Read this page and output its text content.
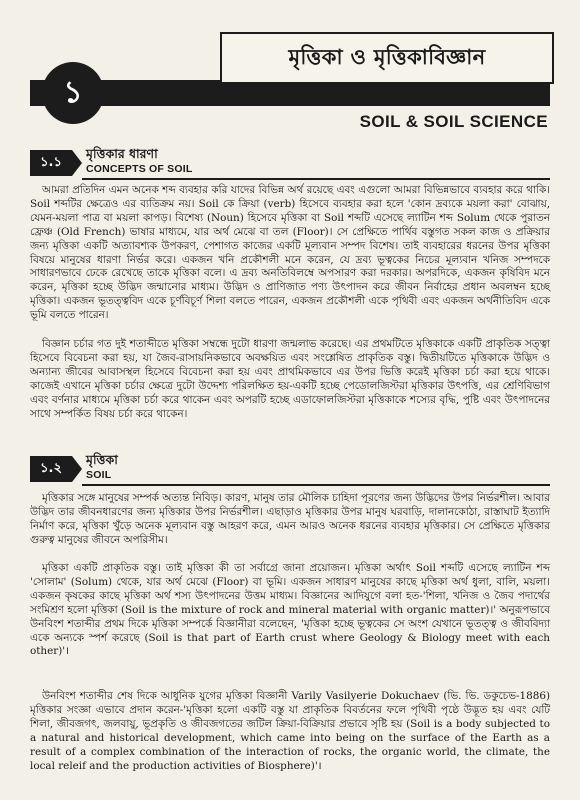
১
মৃত্তিকা ও মৃত্তিকাবিজ্ঞান
SOIL & SOIL SCIENCE
১.১
মৃত্তিকার ধারণা
CONCEPTS OF SOIL

আমরা প্রতিদিন এমন অনেক শব্দ ব্যবহার করি যাদের বিভিন্ন অর্থ রয়েছে এবং এগুলো আমরা বিভিন্নভাবে ব্যবহার করে থাকি। Soil শব্দটির ক্ষেত্রেও এর ব্যতিক্রম নয়। Soil কে ক্রিয়া (verb) হিসেবে ব্যবহার করা হলে 'কোন দ্রব্যকে ময়লা করা' বোঝায়, যেমন-ময়লা পাত্র বা ময়লা কাপড়। বিশেষ্য (Noun) হিসেবে মৃত্তিকা বা Soil শব্দটি এসেছে ল্যাটিন শব্দ Solum থেকে পুরাতন ফ্রেঞ্চ (Old French) ভাষার মাধ্যমে, যার অর্থ মেঝে বা তল (Floor)। সে প্রেক্ষিতে পার্থিব বস্তুগত সকল কাজ ও প্রক্রিয়ার জন্য মৃত্তিকা একটি অত্যাবশ্যক উপকরণ, পেশাগত কাজের একটি মূল্যবান সম্পদ বিশেষ। তাই ব্যবহারের ধরনের উপর মৃত্তিকা বিষয়ে মানুষের ধারণা নির্ভর করে। একজন খনি প্রকৌশলী মনে করেন, যে দ্রব্য ভূত্বকের নিচের মূল্যবান খনিজ সম্পদকে সাধারণভাবে ঢেকে রেখেছে তাকে মৃত্তিকা বলে। এ দ্রব্য অনতিবিলম্বে অপসারণ করা দরকার। অপরদিকে, একজন কৃষিবিদ মনে করেন, মৃত্তিকা হচ্ছে উদ্ভিদ জন্মানোর মাধ্যম। উদ্ভিদ ও প্রাণিজাত পণ্য উৎপাদন করে জীবন নির্বাহের প্রধান অবলম্বন হচ্ছে মৃত্তিকা। একজন ভূতত্ত্ববিদ একে চূর্ণবিচূর্ণ শিলা বলতে পারেন, একজন প্রকৌশলী একে পৃথিবী এবং একজন অর্থনীতিবিদ একে ভূমি বলতে পারেন।

বিজ্ঞান চর্চার গত দুই শতাব্দীতে মৃত্তিকা সম্বন্ধে দুটো ধারণা জন্মলাভ করেছে। এর প্রথমটিতে মৃত্তিকাকে একটি প্রাকৃতিক সত্ত্বা হিসেবে বিবেচনা করা হয়, যা জৈব-রাসায়নিকভাবে অবক্ষয়িত এবং সংশ্লেষিত প্রাকৃতিক বস্তু। দ্বিতীয়টিতে মৃত্তিকাকে উদ্ভিদ ও অন্যান্য জীবের আবাসস্থল হিসেবে বিবেচনা করা হয় এবং প্রাথমিকভাবে এর উপর ভিত্তি করেই মৃত্তিকা চর্চা করা হয়ে থাকে। কাজেই এখানে মৃত্তিকা চর্চার ক্ষেত্রে দুটো উদ্দেশ্য পরিলক্ষিত হয়-একটি হচ্ছে পেডোলজিস্টরা মৃত্তিকার উৎপত্তি, এর শ্রেণিবিভাগ এবং বর্ণনার মাধ্যমে মৃত্তিকা চর্চা করে থাকেন এবং অপরটি হচ্ছে এডাফোলজিস্টরা মৃত্তিকাকে শস্যের বৃদ্ধি, পুষ্টি এবং উৎপাদনের সাথে সম্পর্কিত বিষয় চর্চা করে থাকেন।

১.২
মৃত্তিকা
SOIL

মৃত্তিকার সঙ্গে মানুষের সম্পর্ক অত্যন্ত নিবিড়। কারণ, মানুষ তার মৌলিক চাহিদা পূরণের জন্য উদ্ভিদের উপর নির্ভরশীল। আবার উদ্ভিদ তার জীবনধারণের জন্য মৃত্তিকার উপর নির্ভরশীল। এছাড়াও মৃত্তিকার উপর মানুষ ঘরবাড়ি, দালানকোঠা, রাস্তাঘাট ইত্যাদি নির্মাণ করে, মৃত্তিকা খুঁড়ে অনেক মূল্যবান বস্তু আহরণ করে, এমন আরও অনেক ধরনের ব্যবহার মৃত্তিকার। সে প্রেক্ষিতে মৃত্তিকার গুরুত্ব মানুষের জীবনে অপরিসীম।

মৃত্তিকা একটি প্রাকৃতিক বস্তু। তাই মৃত্তিকা কী তা সর্বাগ্রে জানা প্রয়োজন। মৃত্তিকা অর্থাৎ Soil শব্দটি এসেছে ল্যাটিন শব্দ 'সোলাম' (Solum) থেকে, যার অর্থ মেঝে (Floor) বা ভূমি। একজন সাধারণ মানুষের কাছে মৃত্তিকা অর্থ ধুলা, বালি, ময়লা। একজন কৃষকের কাছে মৃত্তিকা অর্থ শস্য উৎপাদনের উত্তম মাধ্যম। বিজ্ঞানের আদিযুগে বলা হত-'শিলা, খনিজ ও জৈব পদার্থের সংমিশ্রণ হলো মৃত্তিকা (Soil is the mixture of rock and mineral material with organic matter)।' অনুরূপভাবে উনবিংশ শতাব্দীর প্রথম দিকে মৃত্তিকা সম্পর্কে বিজ্ঞানীরা বলেছেন, 'মৃত্তিকা হচ্ছে ভূত্বকের সে অংশ যেখানে ভূতত্ত্ব ও জীববিদ্যা একে অন্যকে স্পর্শ করেছে (Soil is that part of Earth crust where Geology & Biology meet with each other)'।

উনবিংশ শতাব্দীর শেষ দিকে আধুনিক যুগের মৃত্তিকা বিজ্ঞানী Varily Vasilyerie Dokuchaev (ভি. ভি. ডকুচেভ-1886) মৃত্তিকার সংজ্ঞা এভাবে প্রদান করেন-'মৃত্তিকা হলো একটি বস্তু যা প্রাকৃতিক বিবর্তনের ফলে পৃথিবী পৃষ্ঠে উদ্ভূত হয় এবং যেটি শিলা, জীবজগৎ, জলবায়ু, ভূপ্রকৃতি ও জীবজগতের জটিল ক্রিয়া-বিক্রিয়ার প্রভাবে সৃষ্টি হয় (Soil is a body subjected to a natural and historical development, which came into being on the surface of the Earth as a result of a complex combination of the interaction of rocks, the organic world, the climate, the local releif and the production activities of Biosphere)'।
